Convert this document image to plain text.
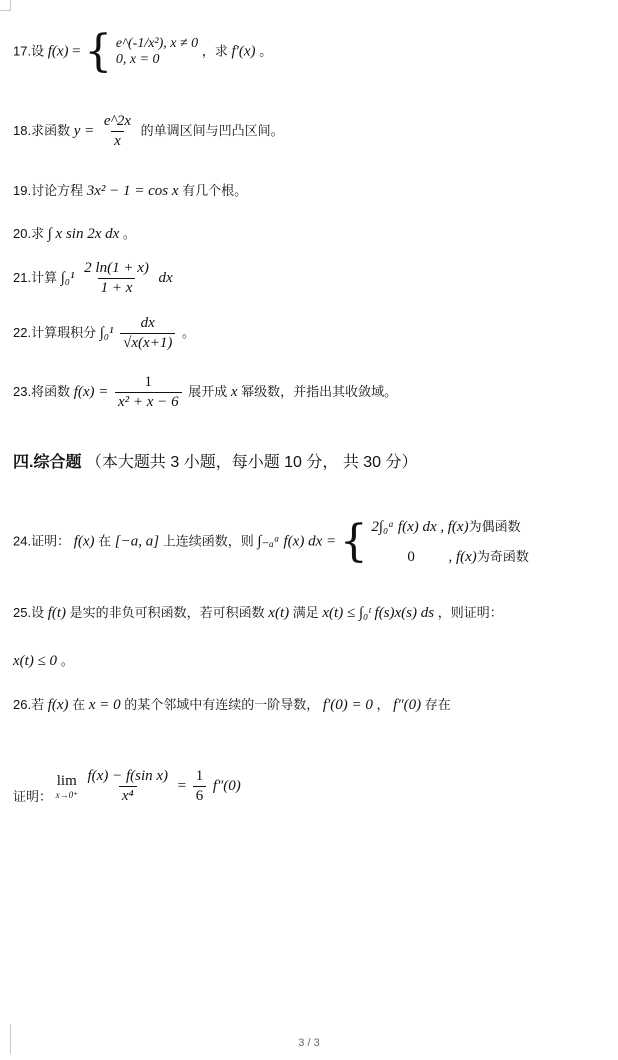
17.设 f(x) = { e^(-1/x²), x ≠ 0
0, x = 0
，求 f′(x) 。
18.求函数 $y = \frac{e\^{}2x}{x}$ 的单调区间与凹凸区间。
19.讨论方程 3x² − 1 = cos x 有几个根。
20.求 ∫ x sin 2x dx 。
21.计算 $\int_0^1 \frac{2 \ln(1 + x)}{1 + x}$ dx
22.计算瑕积分 $\int_0^1 \frac{dx}{√x(x+1)}$ 。
23.将函数 $f(x) = \frac{1}{\text{x² + x − 6}}$ 展开成 x 幂级数，并指出其收敛域。
四.综合题 （本大题共 3 小题，每小题 10 分， 共 30 分）
24.证明： f(x) 在 [−a, a] 上连续函数，则 ∫₋ₐᵃ f(x) dx = { 2∫₀ᵃ f(x) dx , f(x)为偶函数
0 , f(x)为奇函数
25.设 f(t) 是实的非负可积函数，若可积函数 x(t) 满足 x(t) ≤ ∫₀ᵗ f(s)x(s) ds ，则证明：
x(t) ≤ 0 。
26.若 f(x) 在 x = 0 的某个邻域中有连续的一阶导数， f′(0) = 0 ， f″(0) 存在
证明：
lim
x→0⁺
$\frac{\text{f(x) − f(sin x)}}{\text{x⁴}} = \frac{1}{6} f''(0)$
3 / 3
